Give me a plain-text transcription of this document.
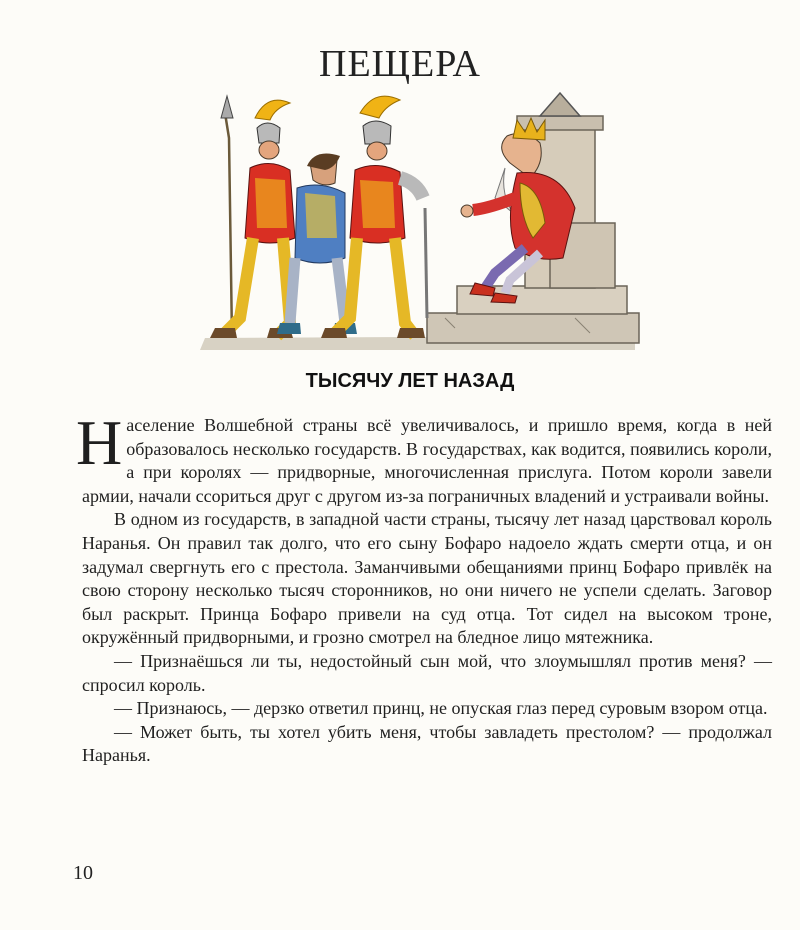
ПЕЩЕРА
ТЫСЯЧУ ЛЕТ НАЗАД

Население Волшебной страны всё увеличивалось, и пришло время, когда в ней образовалось несколько государств. В государствах, как водится, появились короли, а при королях — придворные, многочисленная прислуга. Потом короли завели армии, начали ссориться друг с другом из-за пограничных владений и устраивали войны.

В одном из государств, в западной части страны, тысячу лет назад царствовал король Наранья. Он правил так долго, что его сыну Бофаро надоело ждать смерти отца, и он задумал свергнуть его с престола. Заманчивыми обещаниями принц Бофаро привлёк на свою сторону несколько тысяч сторонников, но они ничего не успели сделать. Заговор был раскрыт. Принца Бофаро привели на суд отца. Тот сидел на высоком троне, окружённый придворными, и грозно смотрел на бледное лицо мятежника.

— Признаёшься ли ты, недостойный сын мой, что злоумышлял против меня? — спросил король.

— Признаюсь, — дерзко ответил принц, не опуская глаз перед суровым взором отца.

— Может быть, ты хотел убить меня, чтобы завладеть престолом? — продолжал Наранья.

10
